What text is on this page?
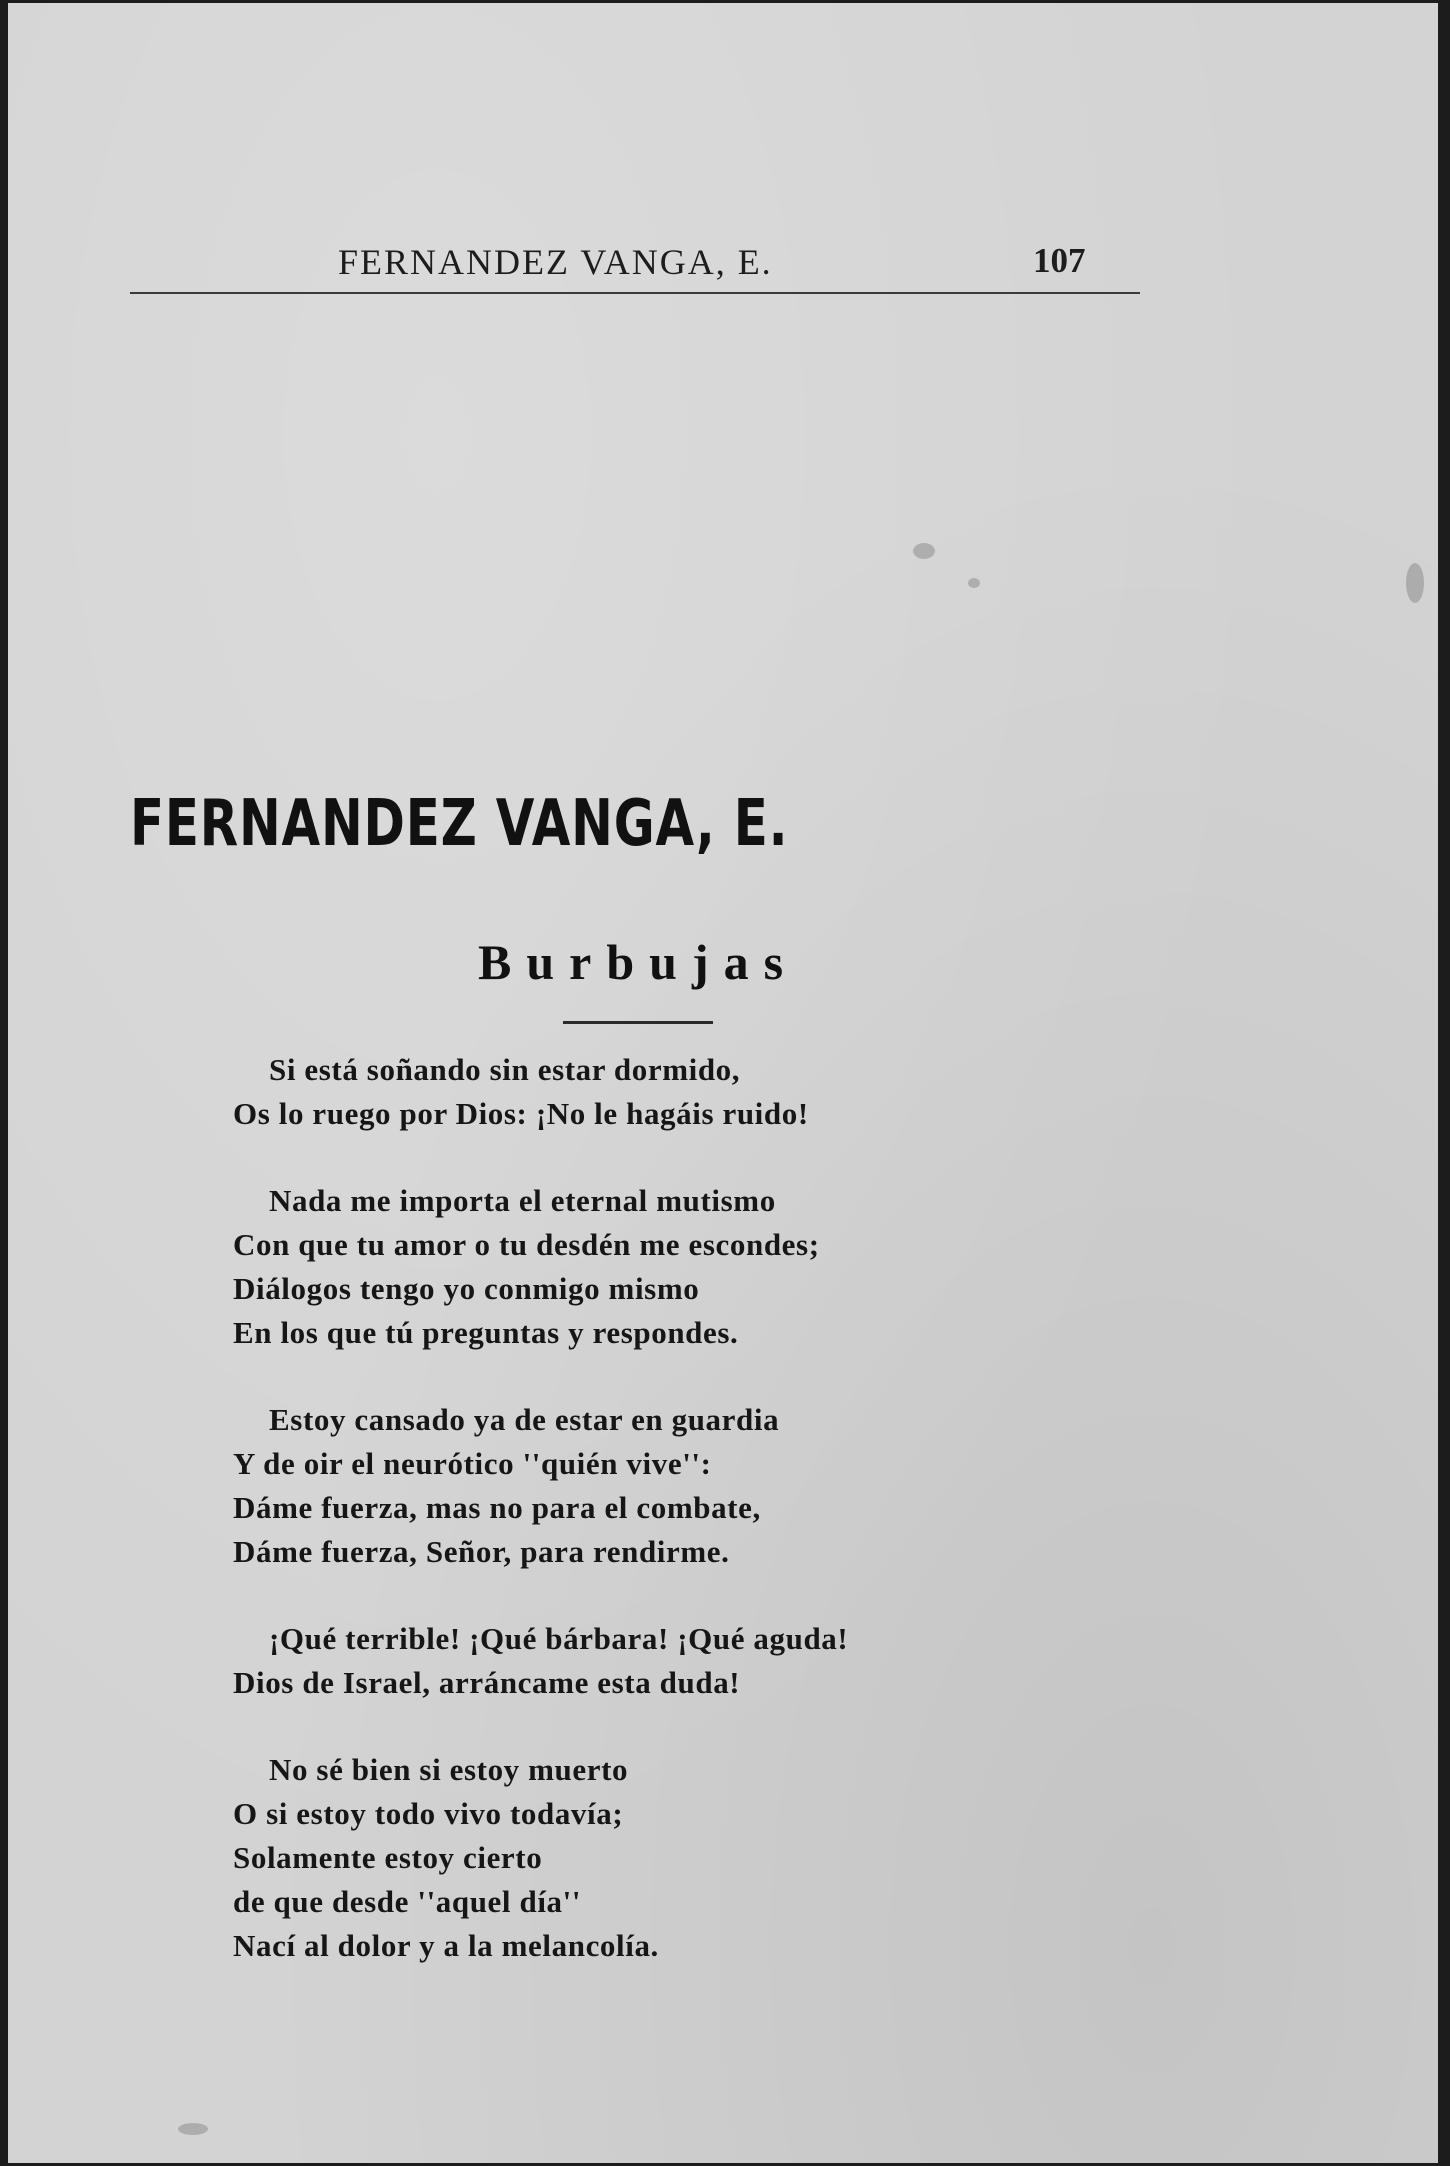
FERNANDEZ VANGA, E.	107
FERNANDEZ VANGA, E.
Burbujas
Si está soñando sin estar dormido,
Os lo ruego por Dios: ¡No le hagáis ruido!
Nada me importa el eternal mutismo
Con que tu amor o tu desdén me escondes;
Diálogos tengo yo conmigo mismo
En los que tú preguntas y respondes.
Estoy cansado ya de estar en guardia
Y de oir el neurótico ''quién vive'':
Dáme fuerza, mas no para el combate,
Dáme fuerza, Señor, para rendirme.
¡Qué terrible! ¡Qué bárbara! ¡Qué aguda!
Dios de Israel, arráncame esta duda!
No sé bien si estoy muerto
O si estoy todo vivo todavía;
Solamente estoy cierto
de que desde ''aquel día''
Nací al dolor y a la melancolía.
